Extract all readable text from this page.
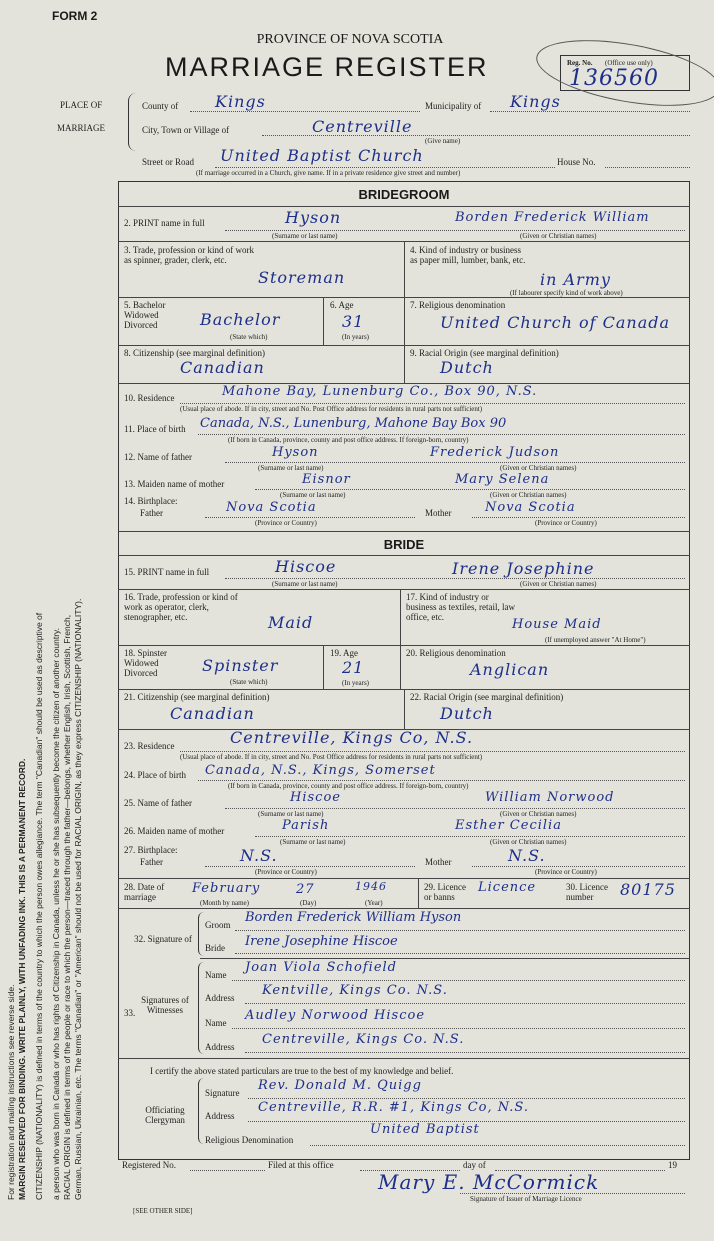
For registration and mailing instructions see reverse side. MARGIN RESERVED FOR BINDING. WRITE PLAINLY, WITH UNFADING INK. THIS IS A PERMANENT RECORD. CITIZENSHIP (NATIONALITY) is defined in terms of the country to which the person owes allegiance. The term "Canadian" should be used as descriptive of a person who was born in Canada or who has rights of Citizenship in Canada, unless he or she has subsequently become the citizen of another country. RACIAL ORIGIN is defined in terms of the people or race to which the person—traced through the father—belongs, whether English, Irish, Scottish, French, German, Russian, Ukrainian, etc. The terms "Canadian" or "American" should not be used for RACIAL ORIGIN, as they express CITIZENSHIP (NATIONALITY).
FORM 2
PROVINCE OF NOVA SCOTIA
MARRIAGE REGISTER	Reg. No. (Office use only)
136560
PLACE OF
MARRIAGE
County of Kings	Municipality of Kings
City, Town or Village of	Centreville
(Give name)
Street or Road United Baptist Church	House No.
(If marriage occurred in a Church, give name. If in a private residence give street and number)
BRIDEGROOM
2. PRINT name in full	Hyson	Borden Frederick William
(Surname or last name)	(Given or Christian names)
3. Trade, profession or kind of work as spinner, grader, clerk, etc.
Storeman
4. Kind of industry or business as paper mill, lumber, bank, etc.
in Army
(If labourer specify kind of work above)
5. Bachelor Widowed Divorced	Bachelor
(State which)
6. Age
31
(In years)
7. Religious denomination
United Church of Canada
8. Citizenship (see marginal definition)
Canadian
9. Racial Origin (see marginal definition)
Dutch
10. Residence	Mahone Bay, Lunenburg Co., Box 90, N.S.
(Usual place of abode. If in city, street and No. Post Office address for residents in rural parts not sufficient)
11. Place of birth Canada, N.S., Lunenburg, Mahone Bay Box 90
(If born in Canada, province, county and post office address. If foreign-born, country)
12. Name of father	Hyson	Frederick Judson
(Surname or last name)	(Given or Christian names)
13. Maiden name of mother	Eisnor	Mary Selena
(Surname or last name)	(Given or Christian names)
14. Birthplace:
Father	Nova Scotia	Mother	Nova Scotia
(Province or Country)	(Province or Country)
BRIDE
15. PRINT name in full	Hiscoe	Irene Josephine
(Surname or last name)	(Given or Christian names)
16. Trade, profession or kind of work as operator, clerk, stenographer, etc.	Maid
17. Kind of industry or business as textiles, retail, law office, etc.	House Maid
(If unemployed answer "At Home")
18. Spinster Widowed Divorced	Spinster
(State which)
19. Age
21
(In years)
20. Religious denomination
Anglican
21. Citizenship (see marginal definition)
Canadian
22. Racial Origin (see marginal definition)
Dutch
23. Residence	Centreville, Kings Co, N.S.
(Usual place of abode. If in city, street and No. Post Office address for residents in rural parts not sufficient)
24. Place of birth Canada, N.S., Kings, Somerset
(If born in Canada, province, county and post office address. If foreign-born, country)
25. Name of father	Hiscoe	William Norwood
(Surname or last name)	(Given or Christian names)
26. Maiden name of mother	Parish	Esther Cecilia
(Surname or last name)	(Given or Christian names)
27. Birthplace:
Father	N.S.	Mother	N.S.
(Province or Country)	(Province or Country)
28. Date of marriage
February	27	1946
(Month by name)	(Day)	(Year)
29. Licence or banns
Licence	30. Licence number	80175
32. Signature of
Groom Borden Frederick William Hyson
Bride Irene Josephine Hiscoe
Signatures of Witnesses
33.
Name Joan Viola Schofield
Address Kentville, Kings Co. N.S.
Name Audley Norwood Hiscoe
Address Centreville, Kings Co. N.S.
I certify the above stated particulars are true to the best of my knowledge and belief.
Officiating Clergyman
Signature Rev. Donald M. Quigg
Address
Centreville, R.R. #1, Kings Co, N.S.
Religious Denomination
United Baptist
Registered No.	Filed at this office	day of	19
Mary E. McCormick
Signature of Issuer of Marriage Licence
[SEE OTHER SIDE]
